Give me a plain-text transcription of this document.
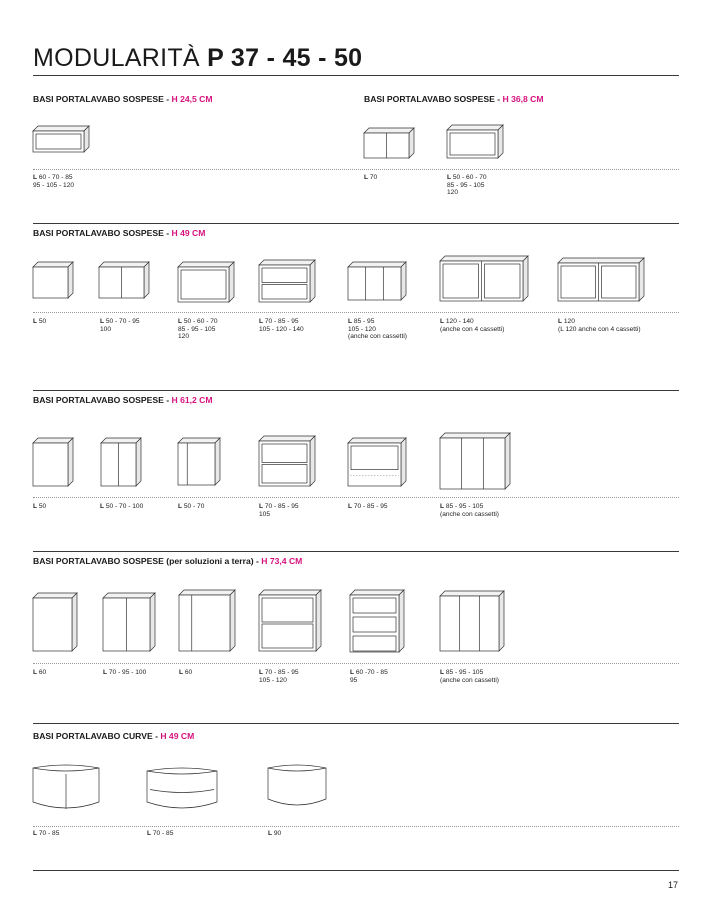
MODULARITÀ P 37 - 45 - 50
BASI PORTALAVABO SOSPESE - H 24,5 CM	BASI PORTALAVABO SOSPESE - H 36,8 CM
BASI PORTALAVABO SOSPESE - H 49 CM
BASI PORTALAVABO SOSPESE - H 61,2 CM
BASI PORTALAVABO SOSPESE (per soluzioni a terra) - H 73,4 CM
BASI PORTALAVABO CURVE - H 49 CM
17
L 60 - 70 - 85
95 - 105 - 120
L 70	L 50 - 60 - 70
85 - 95 - 105
120
L 50	L 50 - 70 - 95
100
L 50 - 60 - 70
85 - 95 - 105
120
L 70 - 85 - 95
105 - 120 - 140
L 85 - 95
105 - 120
(anche con cassetti)
L 120 - 140
(anche con 4 cassetti)
L 120
(L 120 anche con 4 cassetti)
L 50	L 50 - 70 - 100	L 50 - 70	L 70 - 85 - 95
105
L 70 - 85 - 95	L 85 - 95 - 105
(anche con cassetti)
L 60	L 70 - 95 - 100	L 60	L 70 - 85 - 95
105 - 120
L 60 -70 - 85
95
L 85 - 95 - 105
(anche con cassetti)
L 70 - 85	L 70 - 85	L 90
